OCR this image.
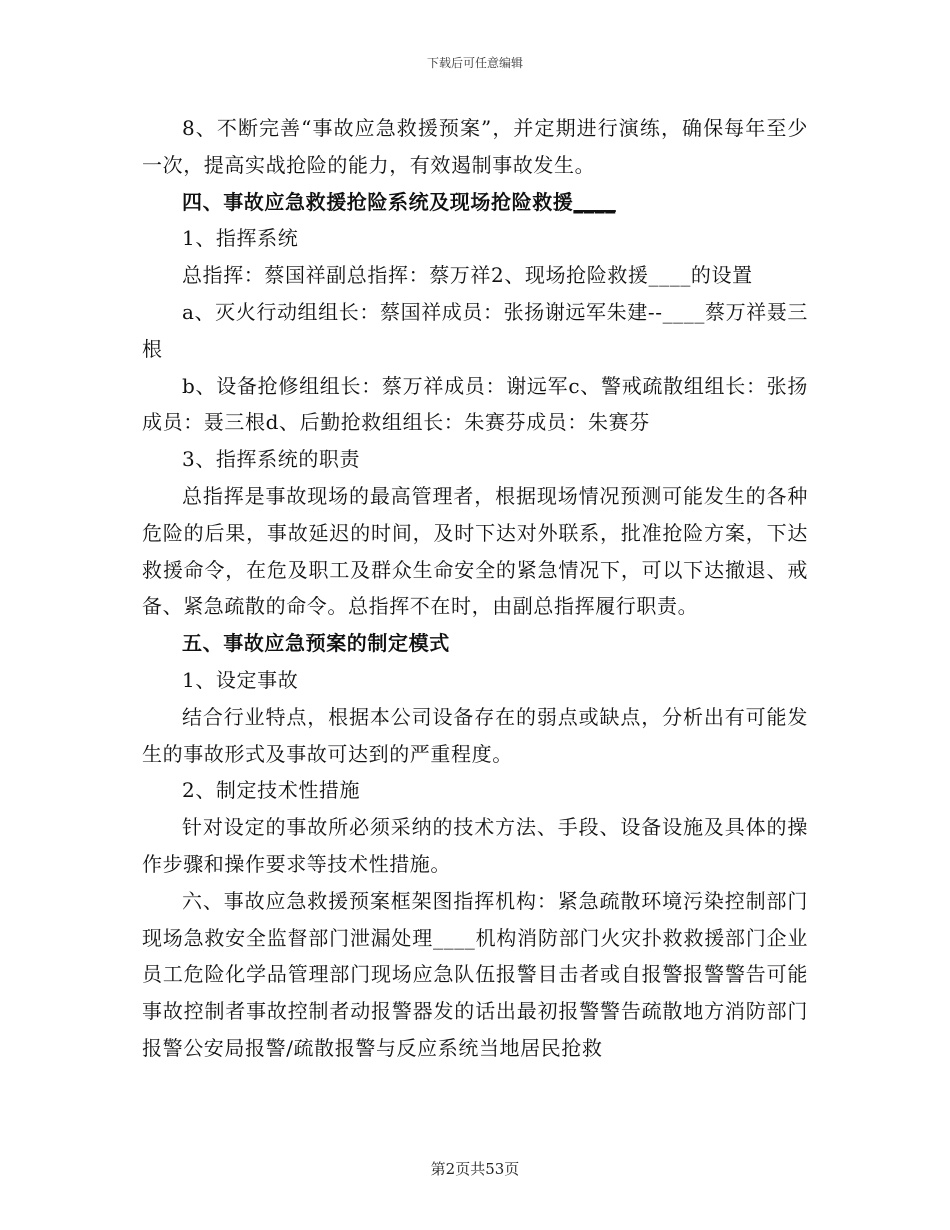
下载后可任意编辑

8、不断完善“事故应急救援预案”，并定期进行演练，确保每年至少一次，提高实战抢险的能力，有效遏制事故发生。

四、事故应急救援抢险系统及现场抢险救援____

1、指挥系统

总指挥：蔡国祥副总指挥：蔡万祥2、现场抢险救援____的设置

a、灭火行动组组长：蔡国祥成员：张扬谢远军朱建--____蔡万祥聂三根

b、设备抢修组组长：蔡万祥成员：谢远军c、警戒疏散组组长：张扬成员：聂三根d、后勤抢救组组长：朱赛芬成员：朱赛芬

3、指挥系统的职责

总指挥是事故现场的最高管理者，根据现场情况预测可能发生的各种危险的后果，事故延迟的时间，及时下达对外联系，批准抢险方案，下达救援命令，在危及职工及群众生命安全的紧急情况下，可以下达撤退、戒备、紧急疏散的命令。总指挥不在时，由副总指挥履行职责。

五、事故应急预案的制定模式

1、设定事故

结合行业特点，根据本公司设备存在的弱点或缺点，分析出有可能发生的事故形式及事故可达到的严重程度。

2、制定技术性措施

针对设定的事故所必须采纳的技术方法、手段、设备设施及具体的操作步骤和操作要求等技术性措施。

六、事故应急救援预案框架图指挥机构：紧急疏散环境污染控制部门现场急救安全监督部门泄漏处理____机构消防部门火灾扑救救援部门企业员工危险化学品管理部门现场应急队伍报警目击者或自报警报警警告可能事故控制者事故控制者动报警器发的话出最初报警警告疏散地方消防部门报警公安局报警/疏散报警与反应系统当地居民抢救

第2页共53页
